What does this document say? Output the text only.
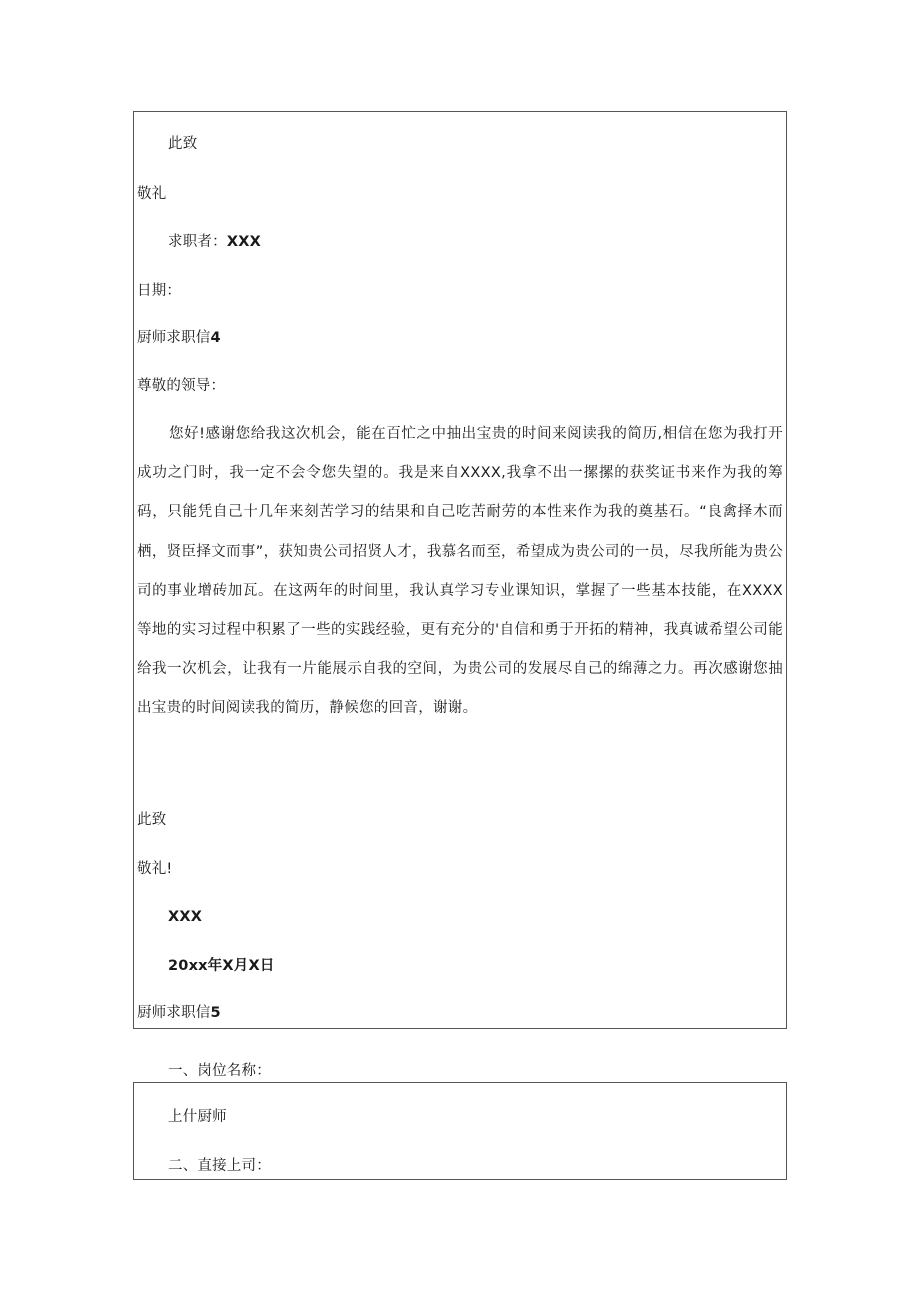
此致
敬礼
求职者：XXX
日期：
厨师求职信4
尊敬的领导：
您好!感谢您给我这次机会，能在百忙之中抽出宝贵的时间来阅读我的简历,相信在您为我打开成功之门时，我一定不会令您失望的。我是来自XXXX,我拿不出一摞摞的获奖证书来作为我的筹码，只能凭自己十几年来刻苦学习的结果和自己吃苦耐劳的本性来作为我的奠基石。“良禽择木而栖，贤臣择文而事”，获知贵公司招贤人才，我慕名而至，希望成为贵公司的一员，尽我所能为贵公司的事业增砖加瓦。在这两年的时间里，我认真学习专业课知识，掌握了一些基本技能，在XXXX等地的实习过程中积累了一些的实践经验，更有充分的'自信和勇于开拓的精神，我真诚希望公司能给我一次机会，让我有一片能展示自我的空间，为贵公司的发展尽自己的绵薄之力。再次感谢您抽出宝贵的时间阅读我的简历，静候您的回音，谢谢。
此致
敬礼!
XXX
20xx年X月X日
厨师求职信5
一、岗位名称：
上什厨师
二、直接上司：
